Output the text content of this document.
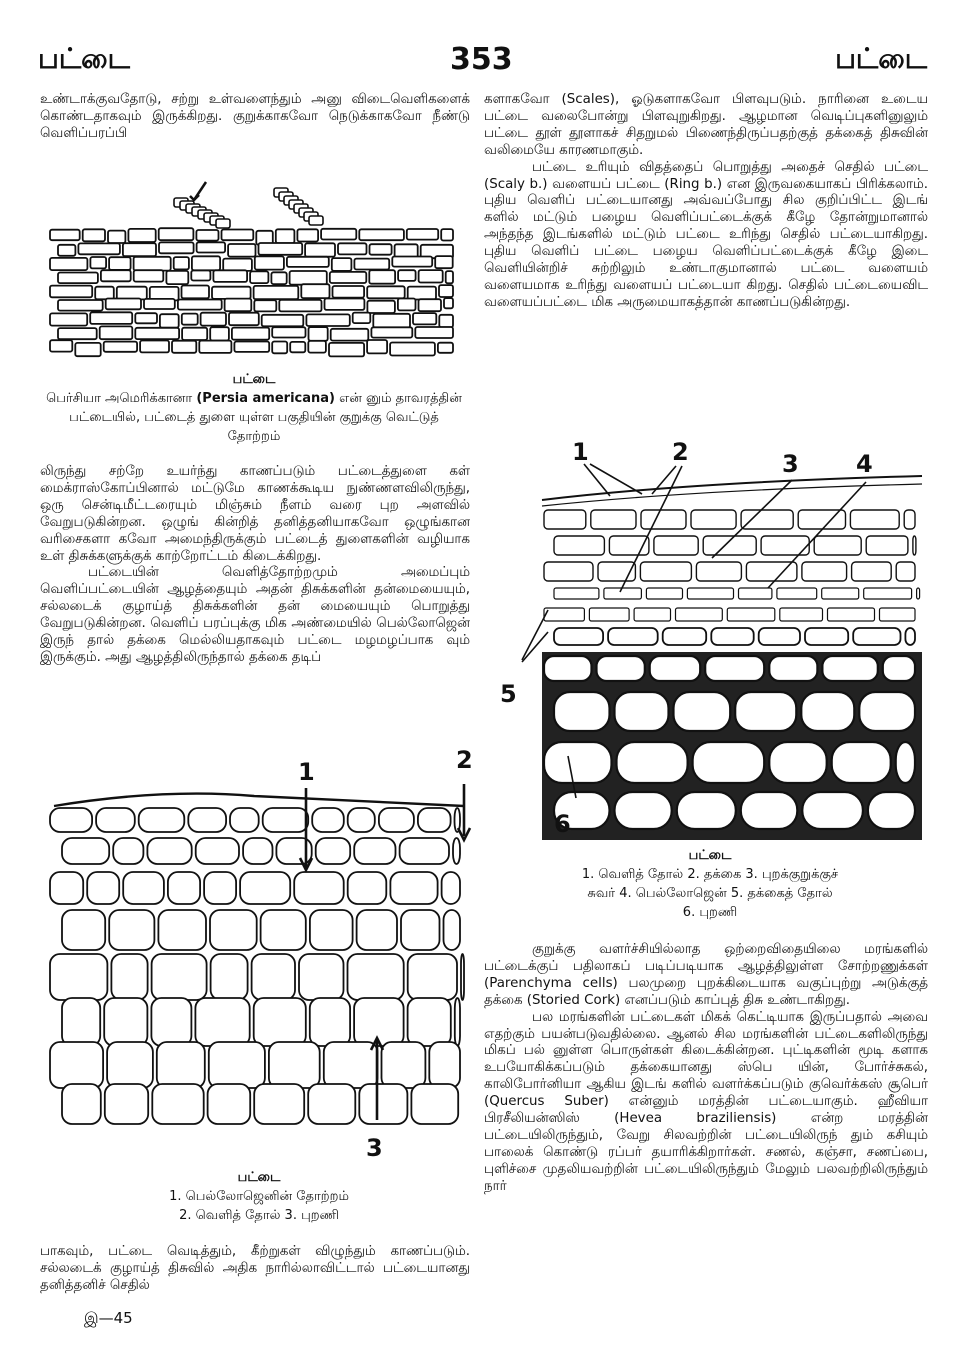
பட்டை	353	பட்டை

உண்டாக்குவதோடு, சற்று உள்வளைந்தும் அனு விடைவெளிகளைக் கொண்டதாகவும் இருக்கிறது. குறுக்காகவோ நெடுக்காகவோ நீண்டு வெளிப்பரப்பி

பட்டை
பெர்சியா அமெரிக்கானா (Persia americana) என் னும் தாவரத்தின் பட்டையில், பட்டைத் துளை யுள்ள பகுதியின் குறுக்கு வெட்டுத் தோற்றம்

லிருந்து சற்றே உயர்ந்து காணப்படும் பட்டைத்துளை கள் மைக்ராஸ்கோப்பினால் மட்டுமே காணக்கூடிய நுண்ணளவிலிருந்து, ஒரு சென்டிமீட்டரையும் மிஞ்சும் நீளம் வரை புற அளவில் வேறுபடுகின்றன. ஒழுங் கின்றித் தனித்தனியாகவோ ஒழுங்கான வரிசைகளா கவோ அமைந்திருக்கும் பட்டைத் துளைகளின் வழியாக உள் திசுக்களுக்குக் காற்றோட்டம் கிடைக்கிறது.

பட்டையின் வெளித்தோற்றமும் அமைப்பும் வெளிப்பட்டையின் ஆழத்தையும் அதன் திசுக்களின் தன்மையையும், சல்லடைக் குழாய்த் திசுக்களின் தன் மையையும் பொறுத்து வேறுபடுகின்றன. வெளிப் பரப்புக்கு மிக அண்மையில் பெல்லோஜென் இருந் தால் தக்கை மெல்லியதாகவும் பட்டை மழமழப்பாக வும் இருக்கும். அது ஆழத்திலிருந்தால் தக்கை தடிப்

1	2
3
பட்டை
1. பெல்லோஜெனின் தோற்றம்
2. வெளித் தோல் 3. புறணி

பாகவும், பட்டை வெடித்தும், கீற்றுகள் விழுந்தும் காணப்படும். சல்லடைக் குழாய்த் திசுவில் அதிக நாரில்லாவிட்டால் பட்டையானது தனித்தனிச் செதில்

இ—45

களாகவோ (Scales), ஓடுகளாகவோ பிளவுபடும். நாரினை உடைய பட்டை வலைபோன்று பிளவுறுகிறது. ஆழமான வெடிப்புகளினுலும் பட்டை தூள் தூளாகச் சிதறுமல் பிணைந்திருப்பதற்குத் தக்கைத் திசுவின் வலிமையே காரணமாகும்.

பட்டை உரியும் விதத்தைப் பொறுத்து அதைச் செதில் பட்டை (Scaly b.) வளையப் பட்டை (Ring b.) என இருவகையாகப் பிரிக்கலாம். புதிய வெளிப் பட்டையானது அவ்வப்போது சில குறிப்பிட்ட இடங் களில் மட்டும் பழைய வெளிப்பட்டைக்குக் கீழே தோன்றுமானால் அந்தந்த இடங்களில் மட்டும் பட்டை உரிந்து செதில் பட்டையாகிறது. புதிய வெளிப் பட்டை பழைய வெளிப்பட்டைக்குக் கீழே இடை வெளியின்றிச் சுற்றிலும் உண்டாகுமானால் பட்டை வளையம் வளையமாக உரிந்து வளையப் பட்டையா கிறது. செதில் பட்டையைவிட வளையப்பட்டை மிக அருமையாகத்தான் காணப்படுகின்றது.

1	2	3 4
5
6
பட்டை
1. வெளித் தோல் 2. தக்கை 3. புறக்குறுக்குச்
சுவர் 4. பெல்லோஜென் 5. தக்கைத் தோல்
6. புறணி

குறுக்கு வளர்ச்சியில்லாத ஒற்றைவிதையிலை மரங்களில் பட்டைக்குப் பதிலாகப் படிப்படியாக ஆழத்திலுள்ள சோற்றணுக்கள் (Parenchyma cells) பலமுறை புறக்கிடையாக வகுப்புற்று அடுக்குத் தக்கை (Storied Cork) எனப்படும் காப்புத் திசு உண்டாகிறது.

பல மரங்களின் பட்டைகள் மிகக் கெட்டியாக இருப்பதால் அவை எதற்கும் பயன்படுவதில்லை. ஆனல் சில மரங்களின் பட்டைகளிலிருந்து மிகப் பல் னுள்ள பொருள்கள் கிடைக்கின்றன. புட்டிகளின் மூடி களாக உபயோகிக்கப்படும் தக்கையானது ஸ்பெ யின், போர்ச்சுகல், காலிபோர்னியா ஆகிய இடங் களில் வளர்க்கப்படும் குவெர்க்கஸ் சூபெர் (Quercus Suber) என்னும் மரத்தின் பட்டையாகும். ஹீவியா பிரசீலியன்ஸிஸ் (Hevea braziliensis) என்ற மரத்தின் பட்டையிலிருந்தும், வேறு சிலவற்றின் பட்டையிலிருந் தும் கசியும் பாலைக் கொண்டு ரப்பர் தயாரிக்கிறார்கள். சணல், கஞ்சா, சணப்பை, புளிச்சை முதலியவற்றின் பட்டையிலிருந்தும் மேலும் பலவற்றிலிருந்தும் நார்
